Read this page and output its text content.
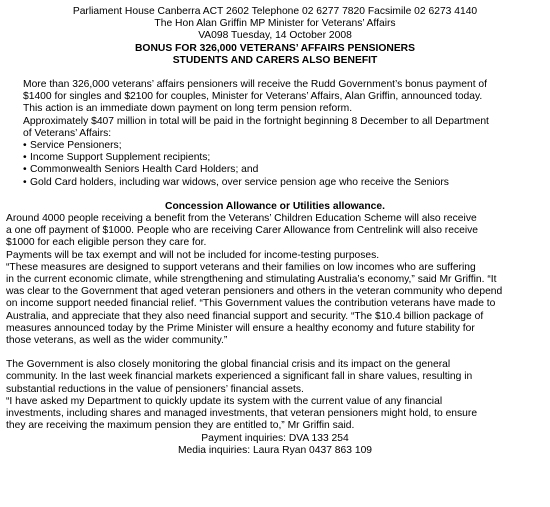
Parliament House Canberra ACT 2602 Telephone 02 6277 7820 Facsimile 02 6273 4140

The Hon Alan Griffin MP Minister for Veterans’ Affairs

VA098 Tuesday, 14 October 2008

BONUS FOR 326,000 VETERANS’ AFFAIRS PENSIONERS

STUDENTS AND CARERS ALSO BENEFIT

More than 326,000 veterans’ affairs pensioners will receive the Rudd Government’s bonus payment of

$1400 for singles and $2100 for couples, Minister for Veterans’ Affairs, Alan Griffin, announced today.

This action is an immediate down payment on long term pension reform.

Approximately $407 million in total will be paid in the fortnight beginning 8 December to all Department

of Veterans’ Affairs:

• Service Pensioners;
• Income Support Supplement recipients;
• Commonwealth Seniors Health Card Holders; and
• Gold Card holders, including war widows, over service pension age who receive the Seniors

Concession Allowance or Utilities allowance.

Around 4000 people receiving a benefit from the Veterans’ Children Education Scheme will also receive

a one off payment of $1000. People who are receiving Carer Allowance from Centrelink will also receive

$1000 for each eligible person they care for.

Payments will be tax exempt and will not be included for income-testing purposes.

“These measures are designed to support veterans and their families on low incomes who are suffering

in the current economic climate, while strengthening and stimulating Australia’s economy,” said Mr Griffin. “It

was clear to the Government that aged veteran pensioners and others in the veteran community who depend

on income support needed financial relief. “This Government values the contribution veterans have made to

Australia, and appreciate that they also need financial support and security. “The $10.4 billion package of

measures announced today by the Prime Minister will ensure a healthy economy and future stability for

those veterans, as well as the wider community.”

The Government is also closely monitoring the global financial crisis and its impact on the general

community. In the last week financial markets experienced a significant fall in share values, resulting in

substantial reductions in the value of pensioners’ financial assets.

“I have asked my Department to quickly update its system with the current value of any financial

investments, including shares and managed investments, that veteran pensioners might hold, to ensure

they are receiving the maximum pension they are entitled to,” Mr Griffin said.

Payment inquiries: DVA 133 254

Media inquiries: Laura Ryan 0437 863 109
